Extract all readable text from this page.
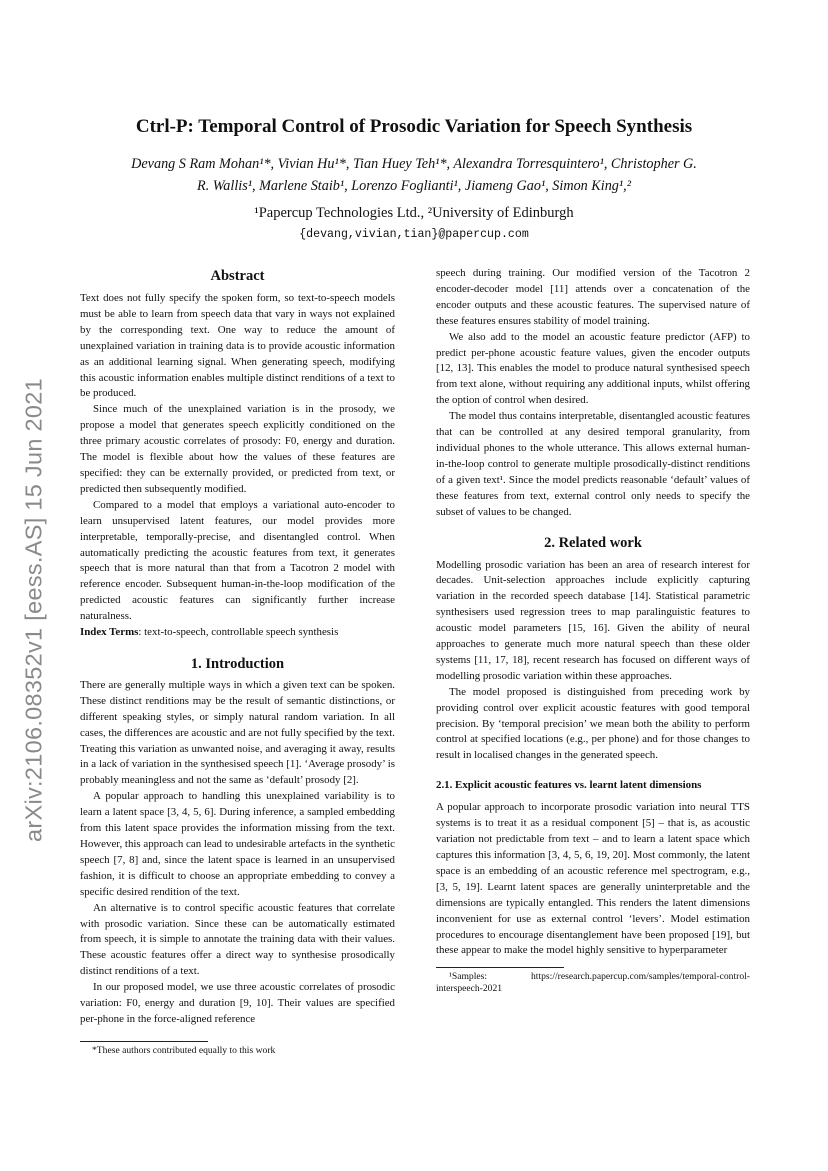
arXiv:2106.08352v1 [eess.AS] 15 Jun 2021
Ctrl-P: Temporal Control of Prosodic Variation for Speech Synthesis
Devang S Ram Mohan¹*, Vivian Hu¹*, Tian Huey Teh¹*, Alexandra Torresquintero¹, Christopher G.
R. Wallis¹, Marlene Staib¹, Lorenzo Foglianti¹, Jiameng Gao¹, Simon King¹,²
¹Papercup Technologies Ltd., ²University of Edinburgh
{devang,vivian,tian}@papercup.com
Abstract

Text does not fully specify the spoken form, so text-to-speech models must be able to learn from speech data that vary in ways not explained by the corresponding text. One way to reduce the amount of unexplained variation in training data is to provide acoustic information as an additional learning signal. When generating speech, modifying this acoustic information enables multiple distinct renditions of a text to be produced.

Since much of the unexplained variation is in the prosody, we propose a model that generates speech explicitly conditioned on the three primary acoustic correlates of prosody: F0, energy and duration. The model is flexible about how the values of these features are specified: they can be externally provided, or predicted from text, or predicted then subsequently modified.

Compared to a model that employs a variational auto-encoder to learn unsupervised latent features, our model provides more interpretable, temporally-precise, and disentangled control. When automatically predicting the acoustic features from text, it generates speech that is more natural than that from a Tacotron 2 model with reference encoder. Subsequent human-in-the-loop modification of the predicted acoustic features can significantly further increase naturalness.

Index Terms: text-to-speech, controllable speech synthesis

1. Introduction

There are generally multiple ways in which a given text can be spoken. These distinct renditions may be the result of semantic distinctions, or different speaking styles, or simply natural random variation. In all cases, the differences are acoustic and are not fully specified by the text. Treating this variation as unwanted noise, and averaging it away, results in a lack of variation in the synthesised speech [1]. ‘Average prosody’ is probably meaningless and not the same as ‘default’ prosody [2].

A popular approach to handling this unexplained variability is to learn a latent space [3, 4, 5, 6]. During inference, a sampled embedding from this latent space provides the information missing from the text. However, this approach can lead to undesirable artefacts in the synthetic speech [7, 8] and, since the latent space is learned in an unsupervised fashion, it is difficult to choose an appropriate embedding to convey a specific desired rendition of the text.

An alternative is to control specific acoustic features that correlate with prosodic variation. Since these can be automatically estimated from speech, it is simple to annotate the training data with their values. These acoustic features offer a direct way to synthesise prosodically distinct renditions of a text.

In our proposed model, we use three acoustic correlates of prosodic variation: F0, energy and duration [9, 10]. Their values are specified per-phone in the force-aligned reference

*These authors contributed equally to this work

speech during training. Our modified version of the Tacotron 2 encoder-decoder model [11] attends over a concatenation of the encoder outputs and these acoustic features. The supervised nature of these features ensures stability of model training.

We also add to the model an acoustic feature predictor (AFP) to predict per-phone acoustic feature values, given the encoder outputs [12, 13]. This enables the model to produce natural synthesised speech from text alone, without requiring any additional inputs, whilst offering the option of control when desired.

The model thus contains interpretable, disentangled acoustic features that can be controlled at any desired temporal granularity, from individual phones to the whole utterance. This allows external human-in-the-loop control to generate multiple prosodically-distinct renditions of a given text¹. Since the model predicts reasonable ‘default’ values of these features from text, external control only needs to specify the subset of values to be changed.

2. Related work

Modelling prosodic variation has been an area of research interest for decades. Unit-selection approaches include explicitly capturing variation in the recorded speech database [14]. Statistical parametric synthesisers used regression trees to map paralinguistic features to acoustic model parameters [15, 16]. Given the ability of neural approaches to generate much more natural speech than these older systems [11, 17, 18], recent research has focused on different ways of modelling prosodic variation within these approaches.

The model proposed is distinguished from preceding work by providing control over explicit acoustic features with good temporal precision. By ‘temporal precision’ we mean both the ability to perform control at specified locations (e.g., per phone) and for those changes to result in localised changes in the generated speech.

2.1. Explicit acoustic features vs. learnt latent dimensions

A popular approach to incorporate prosodic variation into neural TTS systems is to treat it as a residual component [5] – that is, as acoustic variation not predictable from text – and to learn a latent space which captures this information [3, 4, 5, 6, 19, 20]. Most commonly, the latent space is an embedding of an acoustic reference mel spectrogram, e.g., [3, 5, 19]. Learnt latent spaces are generally uninterpretable and the dimensions are typically entangled. This renders the latent dimensions inconvenient for use as external control ‘levers’. Model estimation procedures to encourage disentanglement have been proposed [19], but these appear to make the model highly sensitive to hyperparameter

¹Samples: https://research.papercup.com/samples/temporal-control-interspeech-2021
